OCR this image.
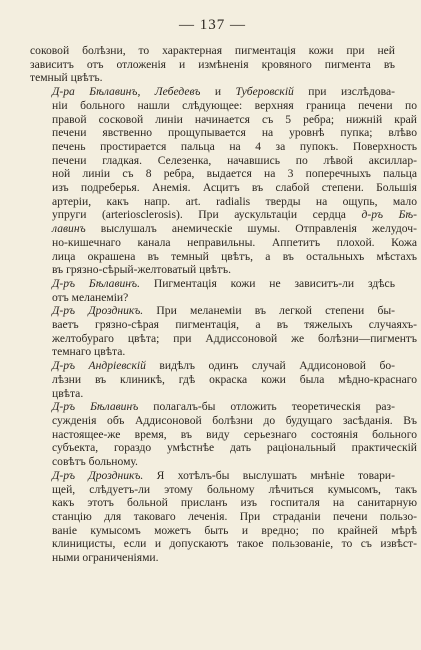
— 137 —
соковой болѣзни, то характерная пигментація кожи при ней
зависитъ отъ отложенія и измѣненія кровяного пигмента въ
темный цвѣтъ.
Д-ра Бѣлавинъ, Лебедевъ и Туберовскій при изслѣдова-
ніи больного нашли слѣдующее: верхняя граница печени по
правой сосковой линіи начинается съ 5 ребра; нижній край
печени явственно прощупывается на уровнѣ пупка; влѣво
печень простирается пальца на 4 за пупокъ. Поверхность
печени гладкая. Селезенка, начавшись по лѣвой аксиллар-
ной линіи съ 8 ребра, выдается на 3 поперечныхъ пальца
изъ подреберья. Анемія. Асцитъ въ слабой степени. Большія
артеріи, какъ напр. art. radialis тверды на ощупь, мало
упруги (arteriosclerosis). При аускультаціи сердца д-ръ Бѣ-
лавинъ выслушалъ анемическіе шумы. Отправленія желудоч-
но-кишечнаго канала неправильны. Аппетитъ плохой. Кожа
лица окрашена въ темный цвѣтъ, а въ остальныхъ мѣстахъ
въ грязно-сѣрый-желтоватый цвѣтъ.
Д-ръ Бѣлавинъ. Пигментація кожи не зависитъ-ли здѣсь
отъ меланеміи?
Д-ръ Дроздникъ. При меланеміи въ легкой степени бы-
ваетъ грязно-сѣрая пигментація, а въ тяжелыхъ случаяхъ-
желтобураго цвѣта; при Аддиссоновой же болѣзни—пигментъ
темнаго цвѣта.
Д-ръ Андріевскій видѣлъ одинъ случай Аддисоновой бо-
лѣзни въ клиникѣ, гдѣ окраска кожи была мѣдно-краснаго
цвѣта.
Д-ръ Бѣлавинъ полагалъ-бы отложить теоретическія раз-
сужденія объ Аддисоновой болѣзни до будущаго засѣданія. Въ
настоящее-же время, въ виду серьезнаго состоянія больного
субъекта, гораздо умѣстнѣе дать раціональный практическій
совѣтъ больному.
Д-ръ Дроздникъ. Я хотѣлъ-бы выслушать мнѣніе товари-
щей, слѣдуетъ-ли этому больному лѣчиться кумысомъ, такъ
какъ этотъ больной присланъ изъ госпиталя на санитарную
станцію для таковаго леченія. При страданіи печени пользо-
ваніе кумысомъ можетъ быть и вредно; по крайней мѣрѣ
клиницисты, если и допускаютъ такое пользованіе, то съ извѣст-
ными ограниченіями.
